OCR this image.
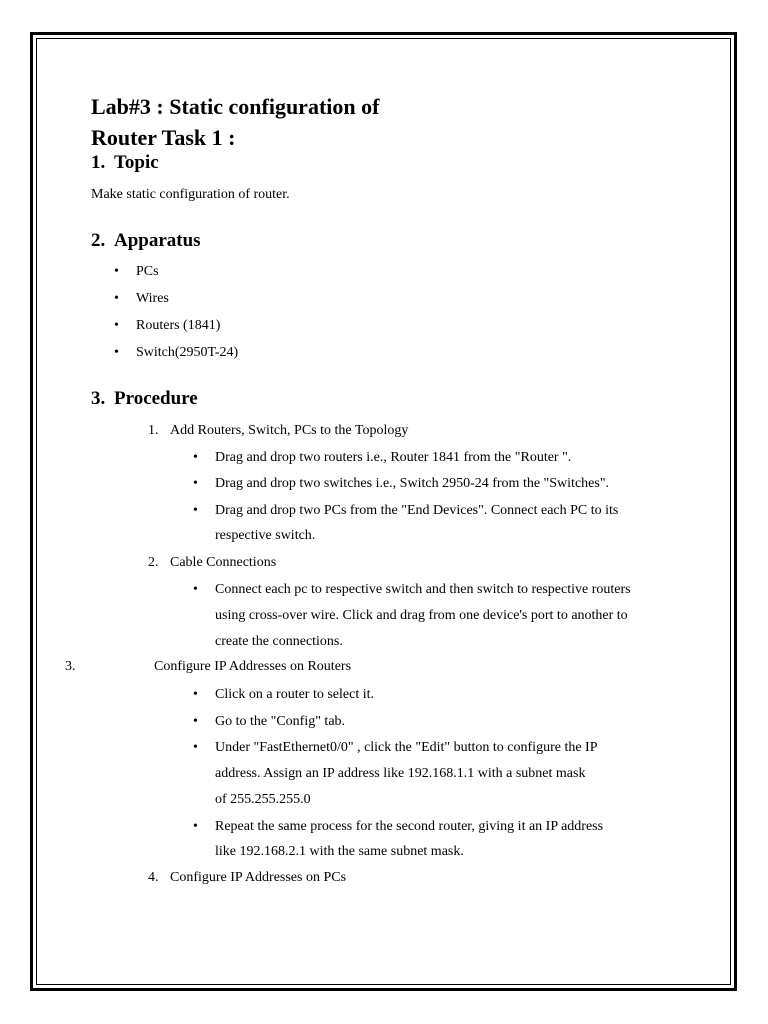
Lab#3 : Static configuration of
Router Task 1 :
1. Topic
Make static configuration of router.
2. Apparatus
• PCs
• Wires
• Routers (1841)
• Switch(2950T-24)
3. Procedure
1. Add Routers, Switch, PCs to the Topology
• Drag and drop two routers i.e., Router 1841 from the "Router ".
• Drag and drop two switches i.e., Switch 2950-24 from the "Switches".
• Drag and drop two PCs from the "End Devices". Connect each PC to its
respective switch.
2. Cable Connections
• Connect each pc to respective switch and then switch to respective routers
using cross-over wire. Click and drag from one device's port to another to
create the connections.
3.	Configure IP Addresses on Routers
• Click on a router to select it.
• Go to the "Config" tab.
• Under "FastEthernet0/0" , click the "Edit" button to configure the IP
address. Assign an IP address like 192.168.1.1 with a subnet mask
of 255.255.255.0
• Repeat the same process for the second router, giving it an IP address
like 192.168.2.1 with the same subnet mask.
4. Configure IP Addresses on PCs
